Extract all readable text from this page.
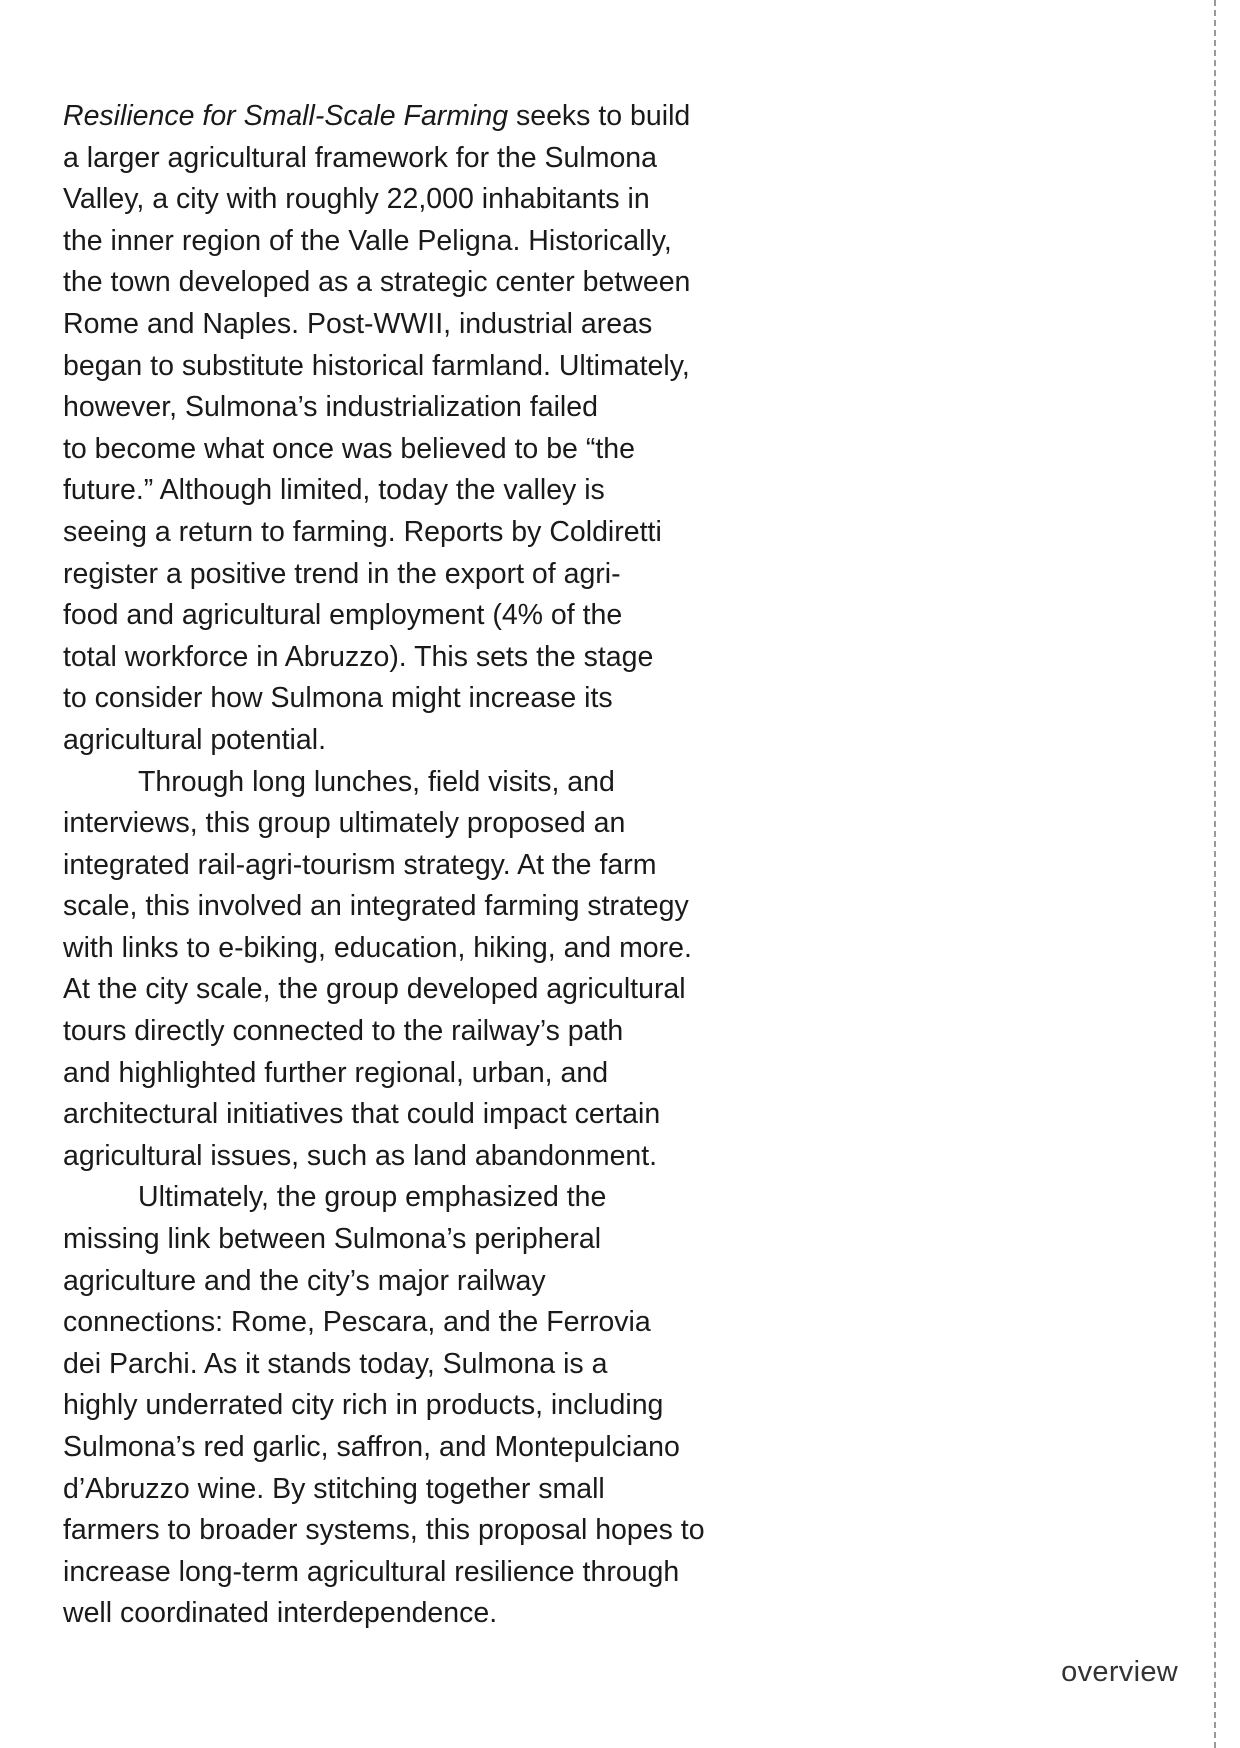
Resilience for Small-Scale Farming seeks to build
a larger agricultural framework for the Sulmona
Valley, a city with roughly 22,000 inhabitants in
the inner region of the Valle Peligna. Historically,
the town developed as a strategic center between
Rome and Naples. Post-WWII, industrial areas
began to substitute historical farmland. Ultimately,
however, Sulmona’s industrialization failed
to become what once was believed to be “the
future.” Although limited, today the valley is
seeing a return to farming. Reports by Coldiretti
register a positive trend in the export of agri-
food and agricultural employment (4% of the
total workforce in Abruzzo). This sets the stage
to consider how Sulmona might increase its
agricultural potential.
Through long lunches, field visits, and
interviews, this group ultimately proposed an
integrated rail-agri-tourism strategy. At the farm
scale, this involved an integrated farming strategy
with links to e-biking, education, hiking, and more.
At the city scale, the group developed agricultural
tours directly connected to the railway’s path
and highlighted further regional, urban, and
architectural initiatives that could impact certain
agricultural issues, such as land abandonment.
Ultimately, the group emphasized the
missing link between Sulmona’s peripheral
agriculture and the city’s major railway
connections: Rome, Pescara, and the Ferrovia
dei Parchi. As it stands today, Sulmona is a
highly underrated city rich in products, including
Sulmona’s red garlic, saffron, and Montepulciano
d’Abruzzo wine. By stitching together small
farmers to broader systems, this proposal hopes to
increase long-term agricultural resilience through
well coordinated interdependence.
overview
